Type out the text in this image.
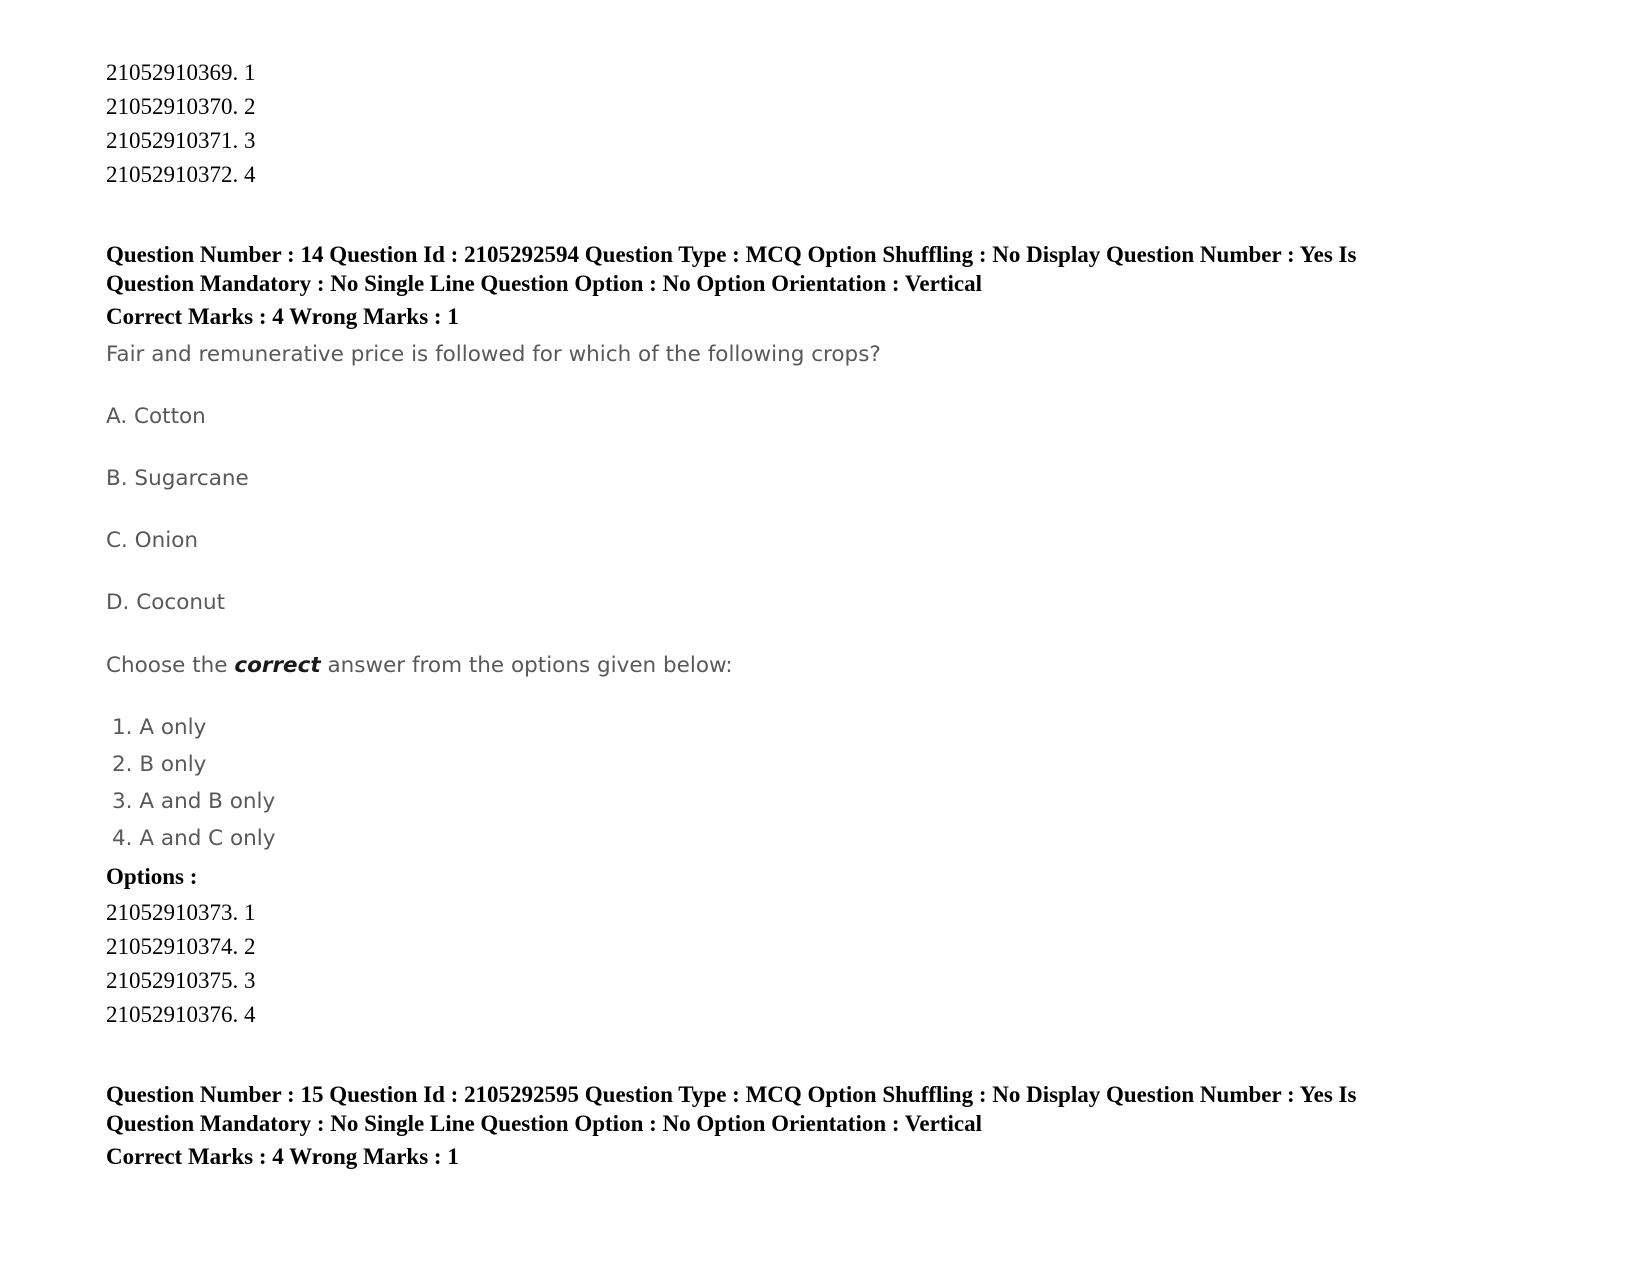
21052910369. 1
21052910370. 2
21052910371. 3
21052910372. 4
Question Number : 14 Question Id : 2105292594 Question Type : MCQ Option Shuffling : No Display Question Number : Yes Is
Question Mandatory : No Single Line Question Option : No Option Orientation : Vertical
Correct Marks : 4 Wrong Marks : 1
Fair and remunerative price is followed for which of the following crops?
A. Cotton
B. Sugarcane
C. Onion
D. Coconut
Choose the correct answer from the options given below:
1. A only
2. B only
3. A and B only
4. A and C only
Options :
21052910373. 1
21052910374. 2
21052910375. 3
21052910376. 4
Question Number : 15 Question Id : 2105292595 Question Type : MCQ Option Shuffling : No Display Question Number : Yes Is
Question Mandatory : No Single Line Question Option : No Option Orientation : Vertical
Correct Marks : 4 Wrong Marks : 1
